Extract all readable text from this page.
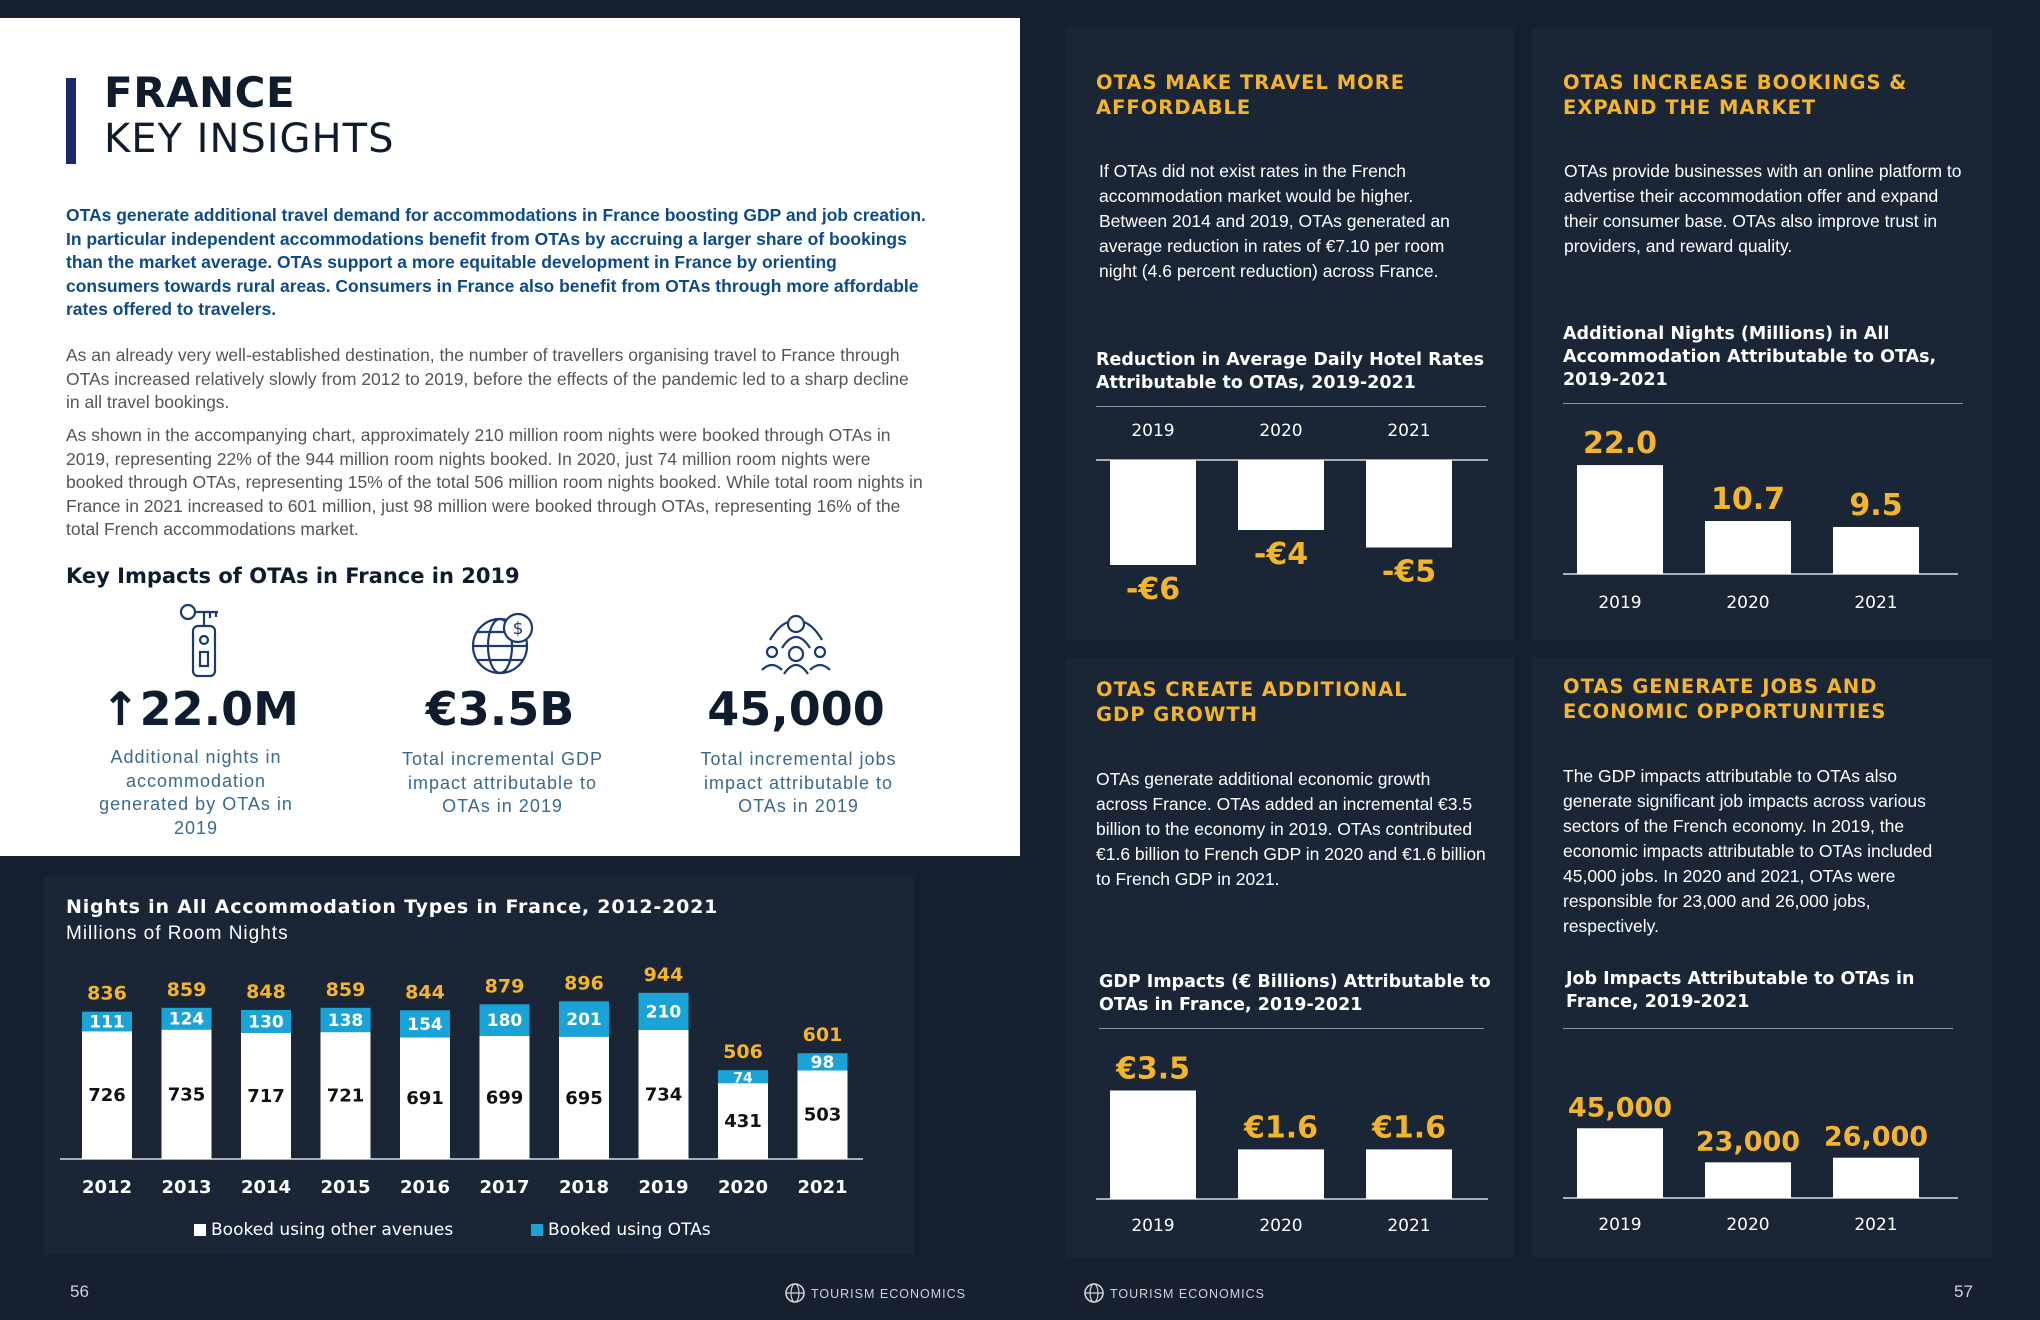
FRANCE
KEY INSIGHTS
OTAs generate additional travel demand for accommodations in France boosting GDP and job creation. In particular independent accommodations benefit from OTAs by accruing a larger share of bookings than the market average. OTAs support a more equitable development in France by orienting consumers towards rural areas. Consumers in France also benefit from OTAs through more affordable rates offered to travelers.
As an already very well-established destination, the number of travellers organising travel to France through OTAs increased relatively slowly from 2012 to 2019, before the effects of the pandemic led to a sharp decline in all travel bookings.
As shown in the accompanying chart, approximately 210 million room nights were booked through OTAs in 2019, representing 22% of the 944 million room nights booked. In 2020, just 74 million room nights were booked through OTAs, representing 15% of the total 506 million room nights booked. While total room nights in France in 2021 increased to 601 million, just 98 million were booked through OTAs, representing 16% of the total French accommodations market.
Key Impacts of OTAs in France in 2019
$
↑22.0M
Additional nights in accommodation generated by OTAs in 2019
€3.5B
Total incremental GDP impact attributable to OTAs in 2019
45,000
Total incremental jobs impact attributable to OTAs in 2019
Nights in All Accommodation Types in France, 2012-2021
Millions of Room Nights
726
111
836
2012
735
124
859
2013
717
130
848
2014
721
138
859
2015
691
154
844
2016
699
180
879
2017
695
201
896
2018
734
210
944
2019
431
74
506
2020
503
98
601
2021
Booked using other avenues	Booked using OTAs
OTAS MAKE TRAVEL MORE AFFORDABLE
If OTAs did not exist rates in the French accommodation market would be higher. Between 2014 and 2019, OTAs generated an average reduction in rates of €7.10 per room night (4.6 percent reduction) across France.
Reduction in Average Daily Hotel Rates Attributable to OTAs, 2019-2021
-€6
2019
-€4
2020
-€5
2021
OTAS INCREASE BOOKINGS & EXPAND THE MARKET
OTAs provide businesses with an online platform to advertise their accommodation offer and expand their consumer base. OTAs also improve trust in providers, and reward quality.
Additional Nights (Millions) in All Accommodation Attributable to OTAs, 2019-2021
22.0
2019
10.7
2020
9.5
2021
OTAS CREATE ADDITIONAL GDP GROWTH
OTAs generate additional economic growth across France. OTAs added an incremental €3.5 billion to the economy in 2019. OTAs contributed €1.6 billion to French GDP in 2020 and €1.6 billion to French GDP in 2021.
GDP Impacts (€ Billions) Attributable to OTAs in France, 2019-2021
€3.5
2019
€1.6
2020
€1.6
2021
OTAS GENERATE JOBS AND ECONOMIC OPPORTUNITIES
The GDP impacts attributable to OTAs also generate significant job impacts across various sectors of the French economy. In 2019, the economic impacts attributable to OTAs included 45,000 jobs. In 2020 and 2021, OTAs were responsible for 23,000 and 26,000 jobs, respectively.
Job Impacts Attributable to OTAs in France, 2019-2021
45,000
2019
23,000
2020
26,000
2021
56	TOURISM ECONOMICS	TOURISM ECONOMICS	57
